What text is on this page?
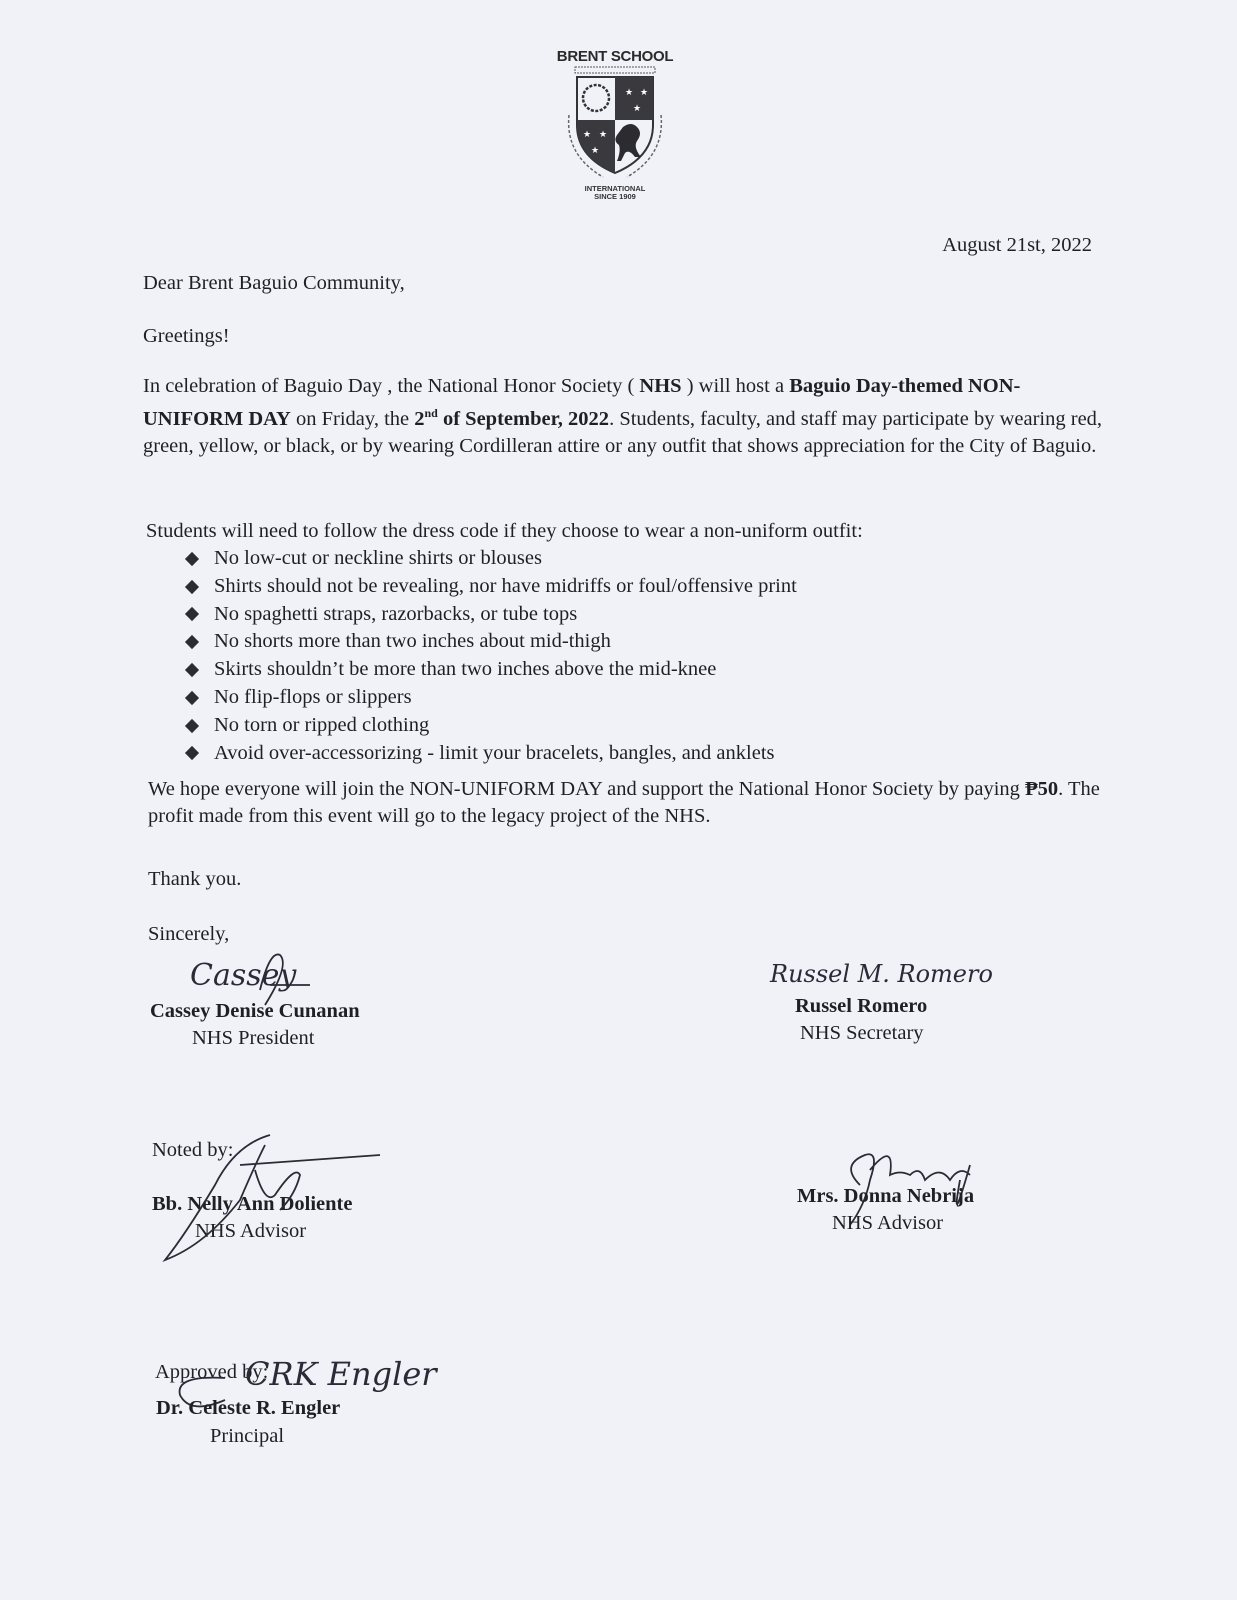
BRENT SCHOOL
★ ★
★
★ ★
★
INTERNATIONAL
SINCE 1909
August 21st, 2022
Dear Brent Baguio Community,
Greetings!
In celebration of Baguio Day , the National Honor Society ( NHS ) will host a Baguio Day-themed NON-UNIFORM DAY on Friday, the 2nd of September, 2022. Students, faculty, and staff may participate by wearing red, green, yellow, or black, or by wearing Cordilleran attire or any outfit that shows appreciation for the City of Baguio.
Students will need to follow the dress code if they choose to wear a non-uniform outfit:
No low-cut or neckline shirts or blouses
Shirts should not be revealing, nor have midriffs or foul/offensive print
No spaghetti straps, razorbacks, or tube tops
No shorts more than two inches about mid-thigh
Skirts shouldn’t be more than two inches above the mid-knee
No flip-flops or slippers
No torn or ripped clothing
Avoid over-accessorizing - limit your bracelets, bangles, and anklets
We hope everyone will join the NON-UNIFORM DAY and support the National Honor Society by paying ₱50. The profit made from this event will go to the legacy project of the NHS.
Thank you.
Sincerely,
Cassey
Cassey Denise Cunanan
NHS President
Russel M. Romero
Russel Romero
NHS Secretary
Noted by:
Bb. Nelly Ann Doliente
NHS Advisor
Mrs. Donna Nebrija
NHS Advisor
Approved by:
CRK Engler
Dr. Celeste R. Engler
Principal
